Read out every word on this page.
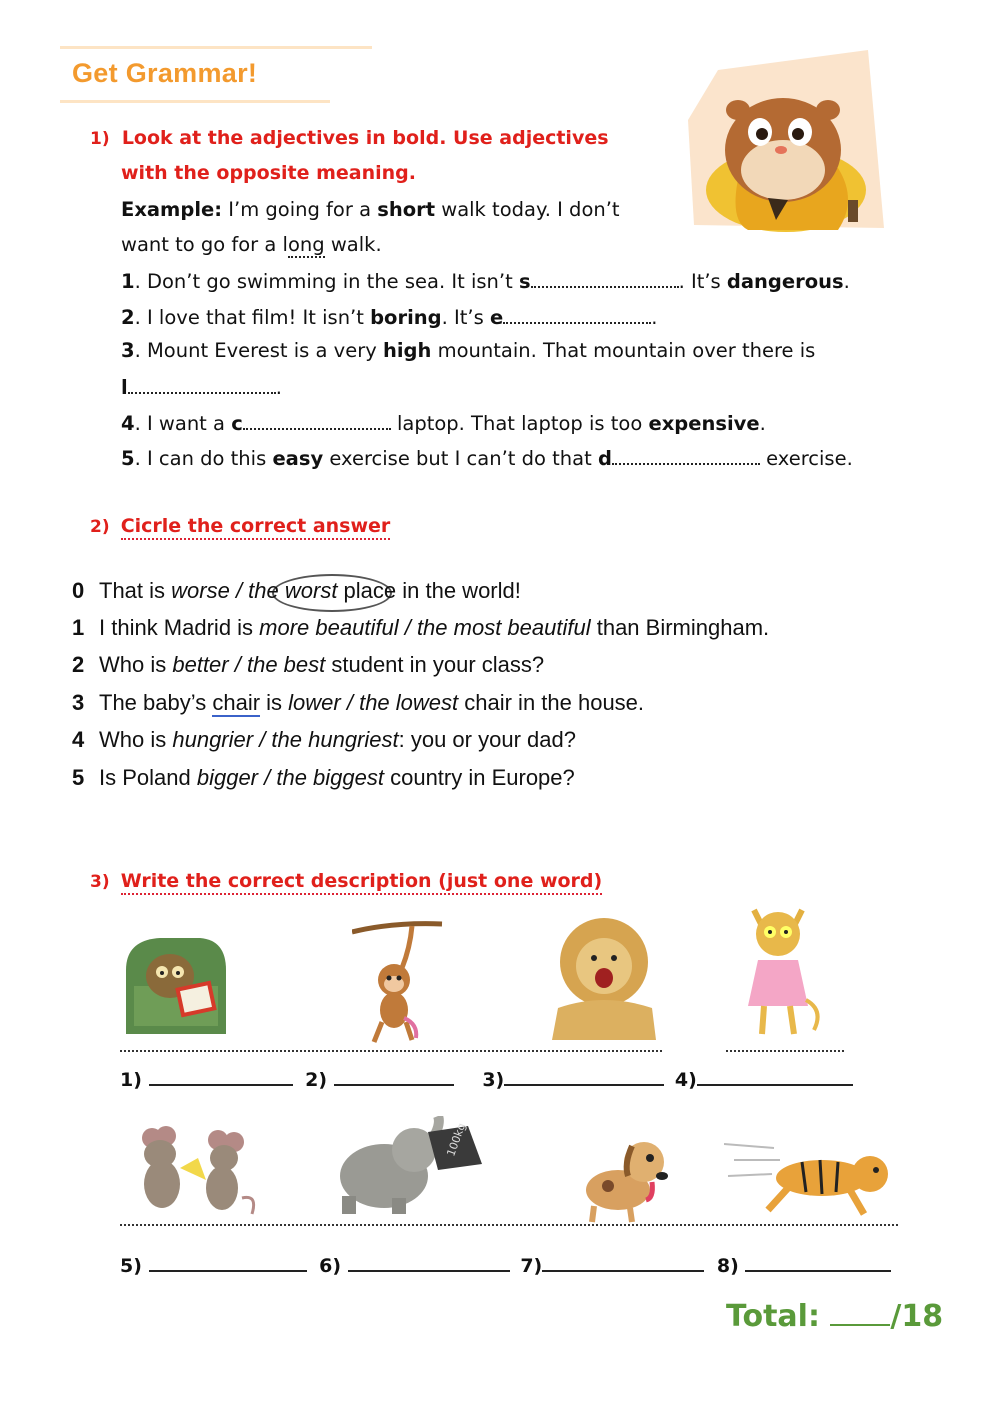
Get Grammar!
1) Look at the adjectives in bold. Use adjectives
with the opposite meaning.
Example: I’m going for a short walk today. I don’t
want to go for a long walk.
1. Don’t go swimming in the sea. It isn’t s	. It’s dangerous.
2. I love that film! It isn’t boring. It’s e	.
3. Mount Everest is a very high mountain. That mountain over there is
l	.
4. I want a c	laptop. That laptop is too expensive.
5. I can do this easy exercise but I can’t do that d	exercise.
2) Cicrle the correct answer
0 That is worse / the worst place in the world!
1 I think Madrid is more beautiful / the most beautiful than Birmingham.
2 Who is better / the best student in your class?
3 The baby’s chair is lower / the lowest chair in the house.
4 Who is hungrier / the hungriest: you or your dad?
5 Is Poland bigger / the biggest country in Europe?
3) Write the correct description (just one word)
1)	2)	3)	4)
100kg
5)	6)	7)	8)
Total: /18
